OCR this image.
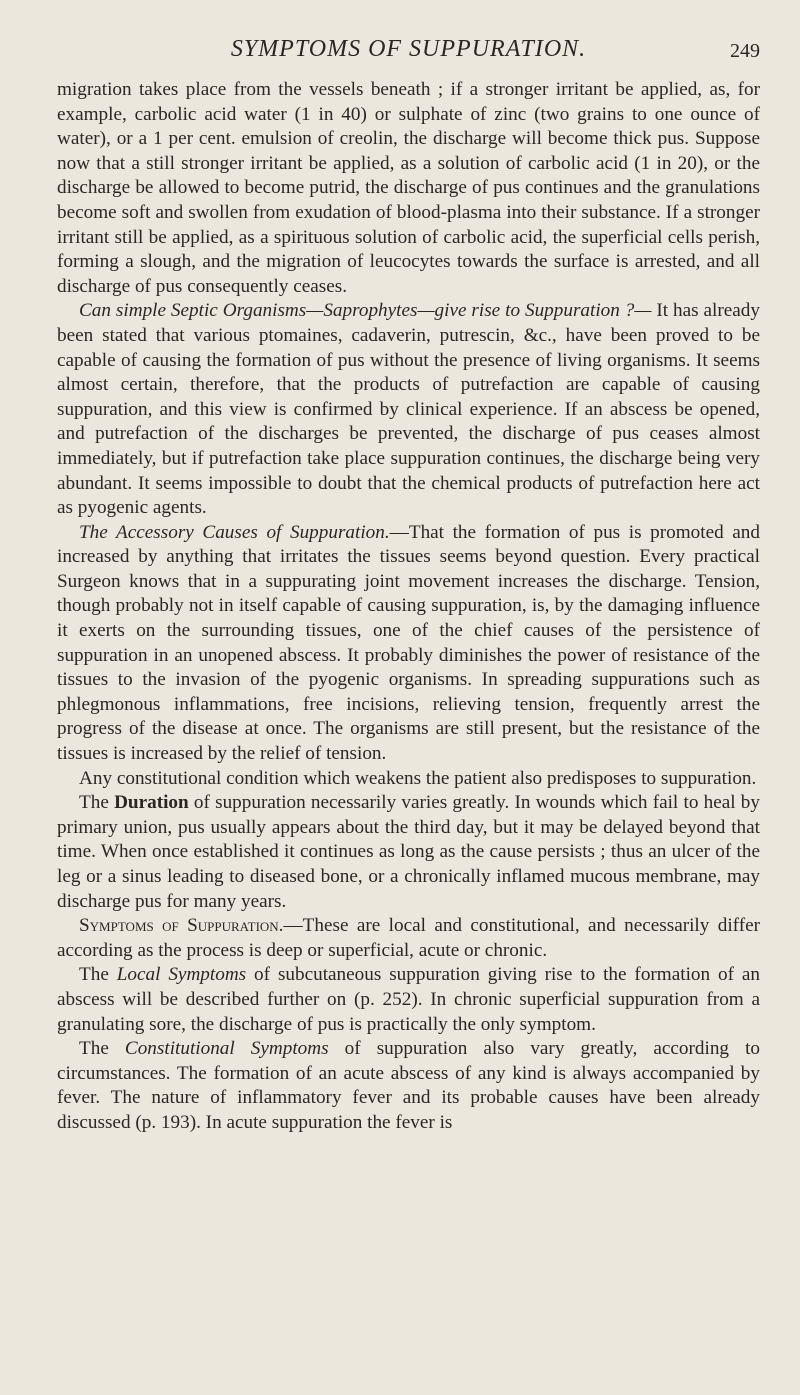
SYMPTOMS OF SUPPURATION.	249

migration takes place from the vessels beneath ; if a stronger irritant be applied, as, for example, carbolic acid water (1 in 40) or sulphate of zinc (two grains to one ounce of water), or a 1 per cent. emulsion of creolin, the discharge will become thick pus. Suppose now that a still stronger irritant be applied, as a solution of carbolic acid (1 in 20), or the discharge be allowed to become putrid, the discharge of pus continues and the granulations become soft and swollen from exudation of blood-plasma into their substance. If a stronger irritant still be applied, as a spirituous solution of carbolic acid, the superficial cells perish, forming a slough, and the migration of leucocytes towards the surface is arrested, and all discharge of pus consequently ceases.

Can simple Septic Organisms—Saprophytes—give rise to Suppuration ?— It has already been stated that various ptomaines, cadaverin, putrescin, &c., have been proved to be capable of causing the formation of pus without the presence of living organisms. It seems almost certain, therefore, that the products of putrefaction are capable of causing suppuration, and this view is confirmed by clinical experience. If an abscess be opened, and putrefaction of the discharges be prevented, the discharge of pus ceases almost immediately, but if putrefaction take place suppuration continues, the discharge being very abundant. It seems impossible to doubt that the chemical products of putrefaction here act as pyogenic agents.

The Accessory Causes of Suppuration.—That the formation of pus is promoted and increased by anything that irritates the tissues seems beyond question. Every practical Surgeon knows that in a suppurating joint movement increases the discharge. Tension, though probably not in itself capable of causing suppuration, is, by the damaging influence it exerts on the surrounding tissues, one of the chief causes of the persistence of suppuration in an unopened abscess. It probably diminishes the power of resistance of the tissues to the invasion of the pyogenic organisms. In spreading suppurations such as phlegmonous inflammations, free incisions, relieving tension, frequently arrest the progress of the disease at once. The organisms are still present, but the resistance of the tissues is increased by the relief of tension.

Any constitutional condition which weakens the patient also predisposes to suppuration.

The Duration of suppuration necessarily varies greatly. In wounds which fail to heal by primary union, pus usually appears about the third day, but it may be delayed beyond that time. When once established it continues as long as the cause persists ; thus an ulcer of the leg or a sinus leading to diseased bone, or a chronically inflamed mucous membrane, may discharge pus for many years.

Symptoms of Suppuration.—These are local and constitutional, and necessarily differ according as the process is deep or superficial, acute or chronic.

The Local Symptoms of subcutaneous suppuration giving rise to the formation of an abscess will be described further on (p. 252). In chronic superficial suppuration from a granulating sore, the discharge of pus is practically the only symptom.

The Constitutional Symptoms of suppuration also vary greatly, according to circumstances. The formation of an acute abscess of any kind is always accompanied by fever. The nature of inflammatory fever and its probable causes have been already discussed (p. 193). In acute suppuration the fever is
